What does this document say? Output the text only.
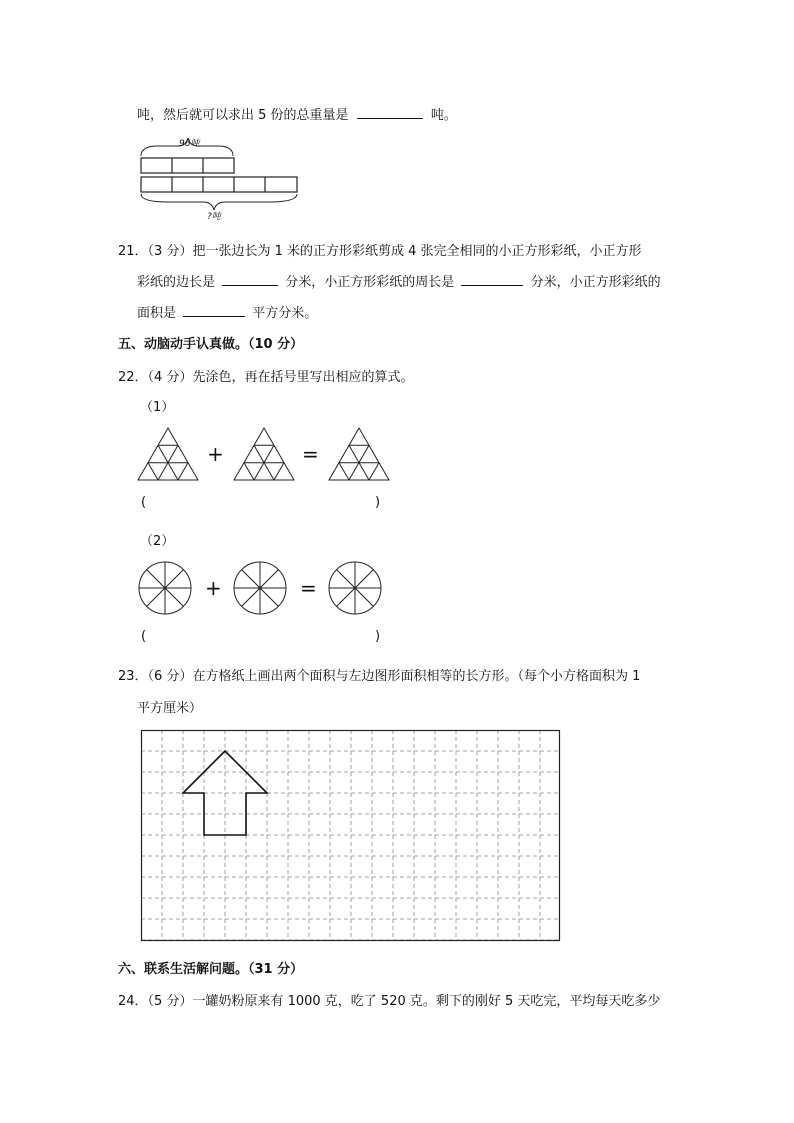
吨，然后就可以求出 5 份的总重量是	吨。
96吨
?吨
21．（3 分）把一张边长为 1 米的正方形彩纸剪成 4 张完全相同的小正方形彩纸，小正方形
彩纸的边长是	分米，小正方形彩纸的周长是	分米，小正方形彩纸的
面积是	平方分米。
五、动脑动手认真做。（10 分）
22．（4 分）先涂色，再在括号里写出相应的算式。
（1）
+	=
(	)
（2）
+	=
(	)
23．（6 分）在方格纸上画出两个面积与左边图形面积相等的长方形。（每个小方格面积为 1
平方厘米）
六、联系生活解问题。（31 分）
24．（5 分）一罐奶粉原来有 1000 克，吃了 520 克。剩下的刚好 5 天吃完，平均每天吃多少
